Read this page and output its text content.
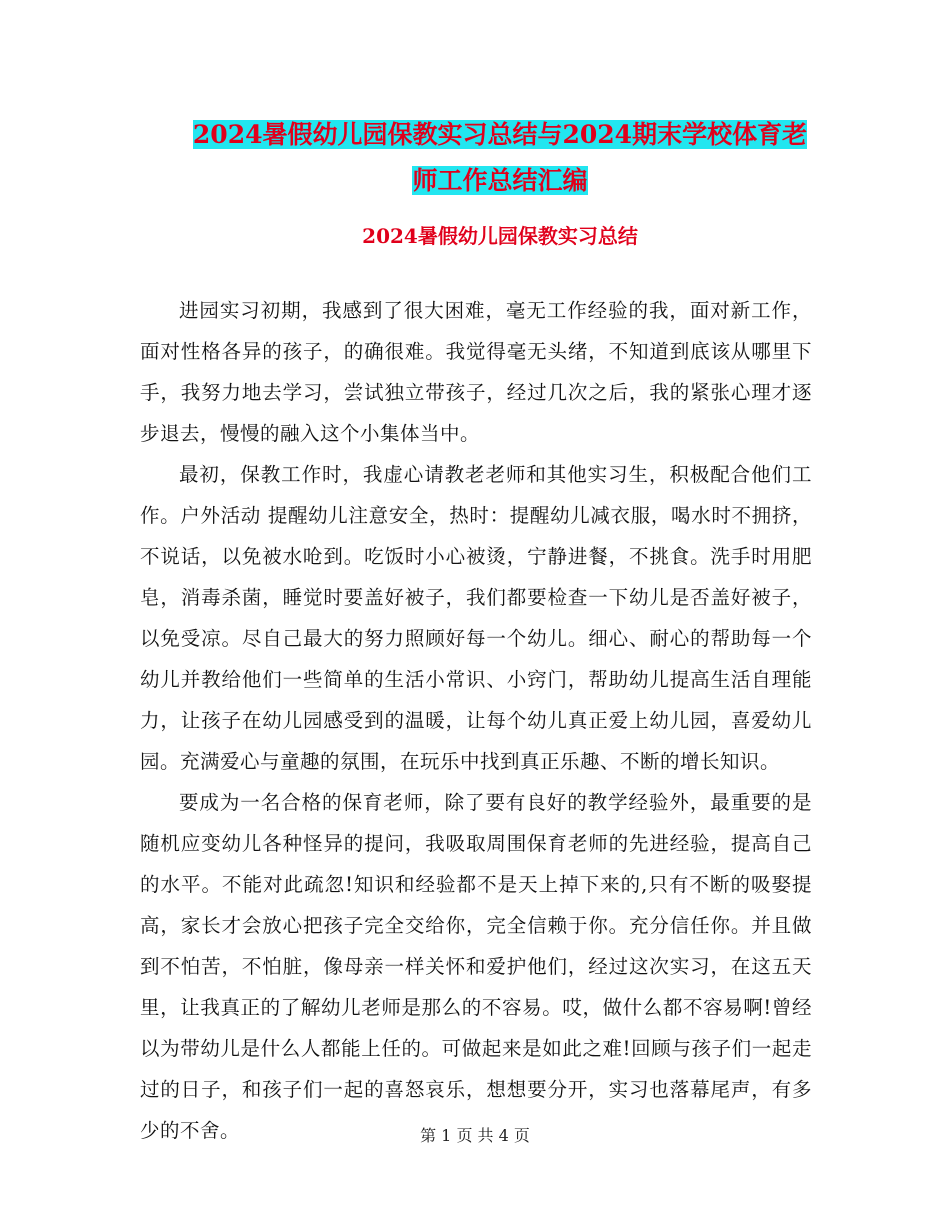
2024暑假幼儿园保教实习总结与2024期末学校体育老
师工作总结汇编
2024暑假幼儿园保教实习总结

进园实习初期，我感到了很大困难，毫无工作经验的我，面对新工作，面对性格各异的孩子，的确很难。我觉得毫无头绪，不知道到底该从哪里下手，我努力地去学习，尝试独立带孩子，经过几次之后，我的紧张心理才逐步退去，慢慢的融入这个小集体当中。

最初，保教工作时，我虚心请教老老师和其他实习生，积极配合他们工作。户外活动 提醒幼儿注意安全，热时：提醒幼儿减衣服，喝水时不拥挤，不说话，以免被水呛到。吃饭时小心被烫，宁静进餐，不挑食。洗手时用肥皂，消毒杀菌，睡觉时要盖好被子，我们都要检查一下幼儿是否盖好被子，以免受凉。尽自己最大的努力照顾好每一个幼儿。细心、耐心的帮助每一个幼儿并教给他们一些简单的生活小常识、小窍门，帮助幼儿提高生活自理能力，让孩子在幼儿园感受到的温暖，让每个幼儿真正爱上幼儿园，喜爱幼儿园。充满爱心与童趣的氛围，在玩乐中找到真正乐趣、不断的增长知识。

要成为一名合格的保育老师，除了要有良好的教学经验外，最重要的是随机应变幼儿各种怪异的提问，我吸取周围保育老师的先进经验，提高自己的水平。不能对此疏忽!知识和经验都不是天上掉下来的,只有不断的吸娶提高，家长才会放心把孩子完全交给你，完全信赖于你。充分信任你。并且做到不怕苦，不怕脏，像母亲一样关怀和爱护他们，经过这次实习，在这五天里，让我真正的了解幼儿老师是那么的不容易。哎，做什么都不容易啊!曾经以为带幼儿是什么人都能上任的。可做起来是如此之难!回顾与孩子们一起走过的日子，和孩子们一起的喜怒哀乐，想想要分开，实习也落幕尾声，有多少的不舍。	第 1 页 共 4 页
